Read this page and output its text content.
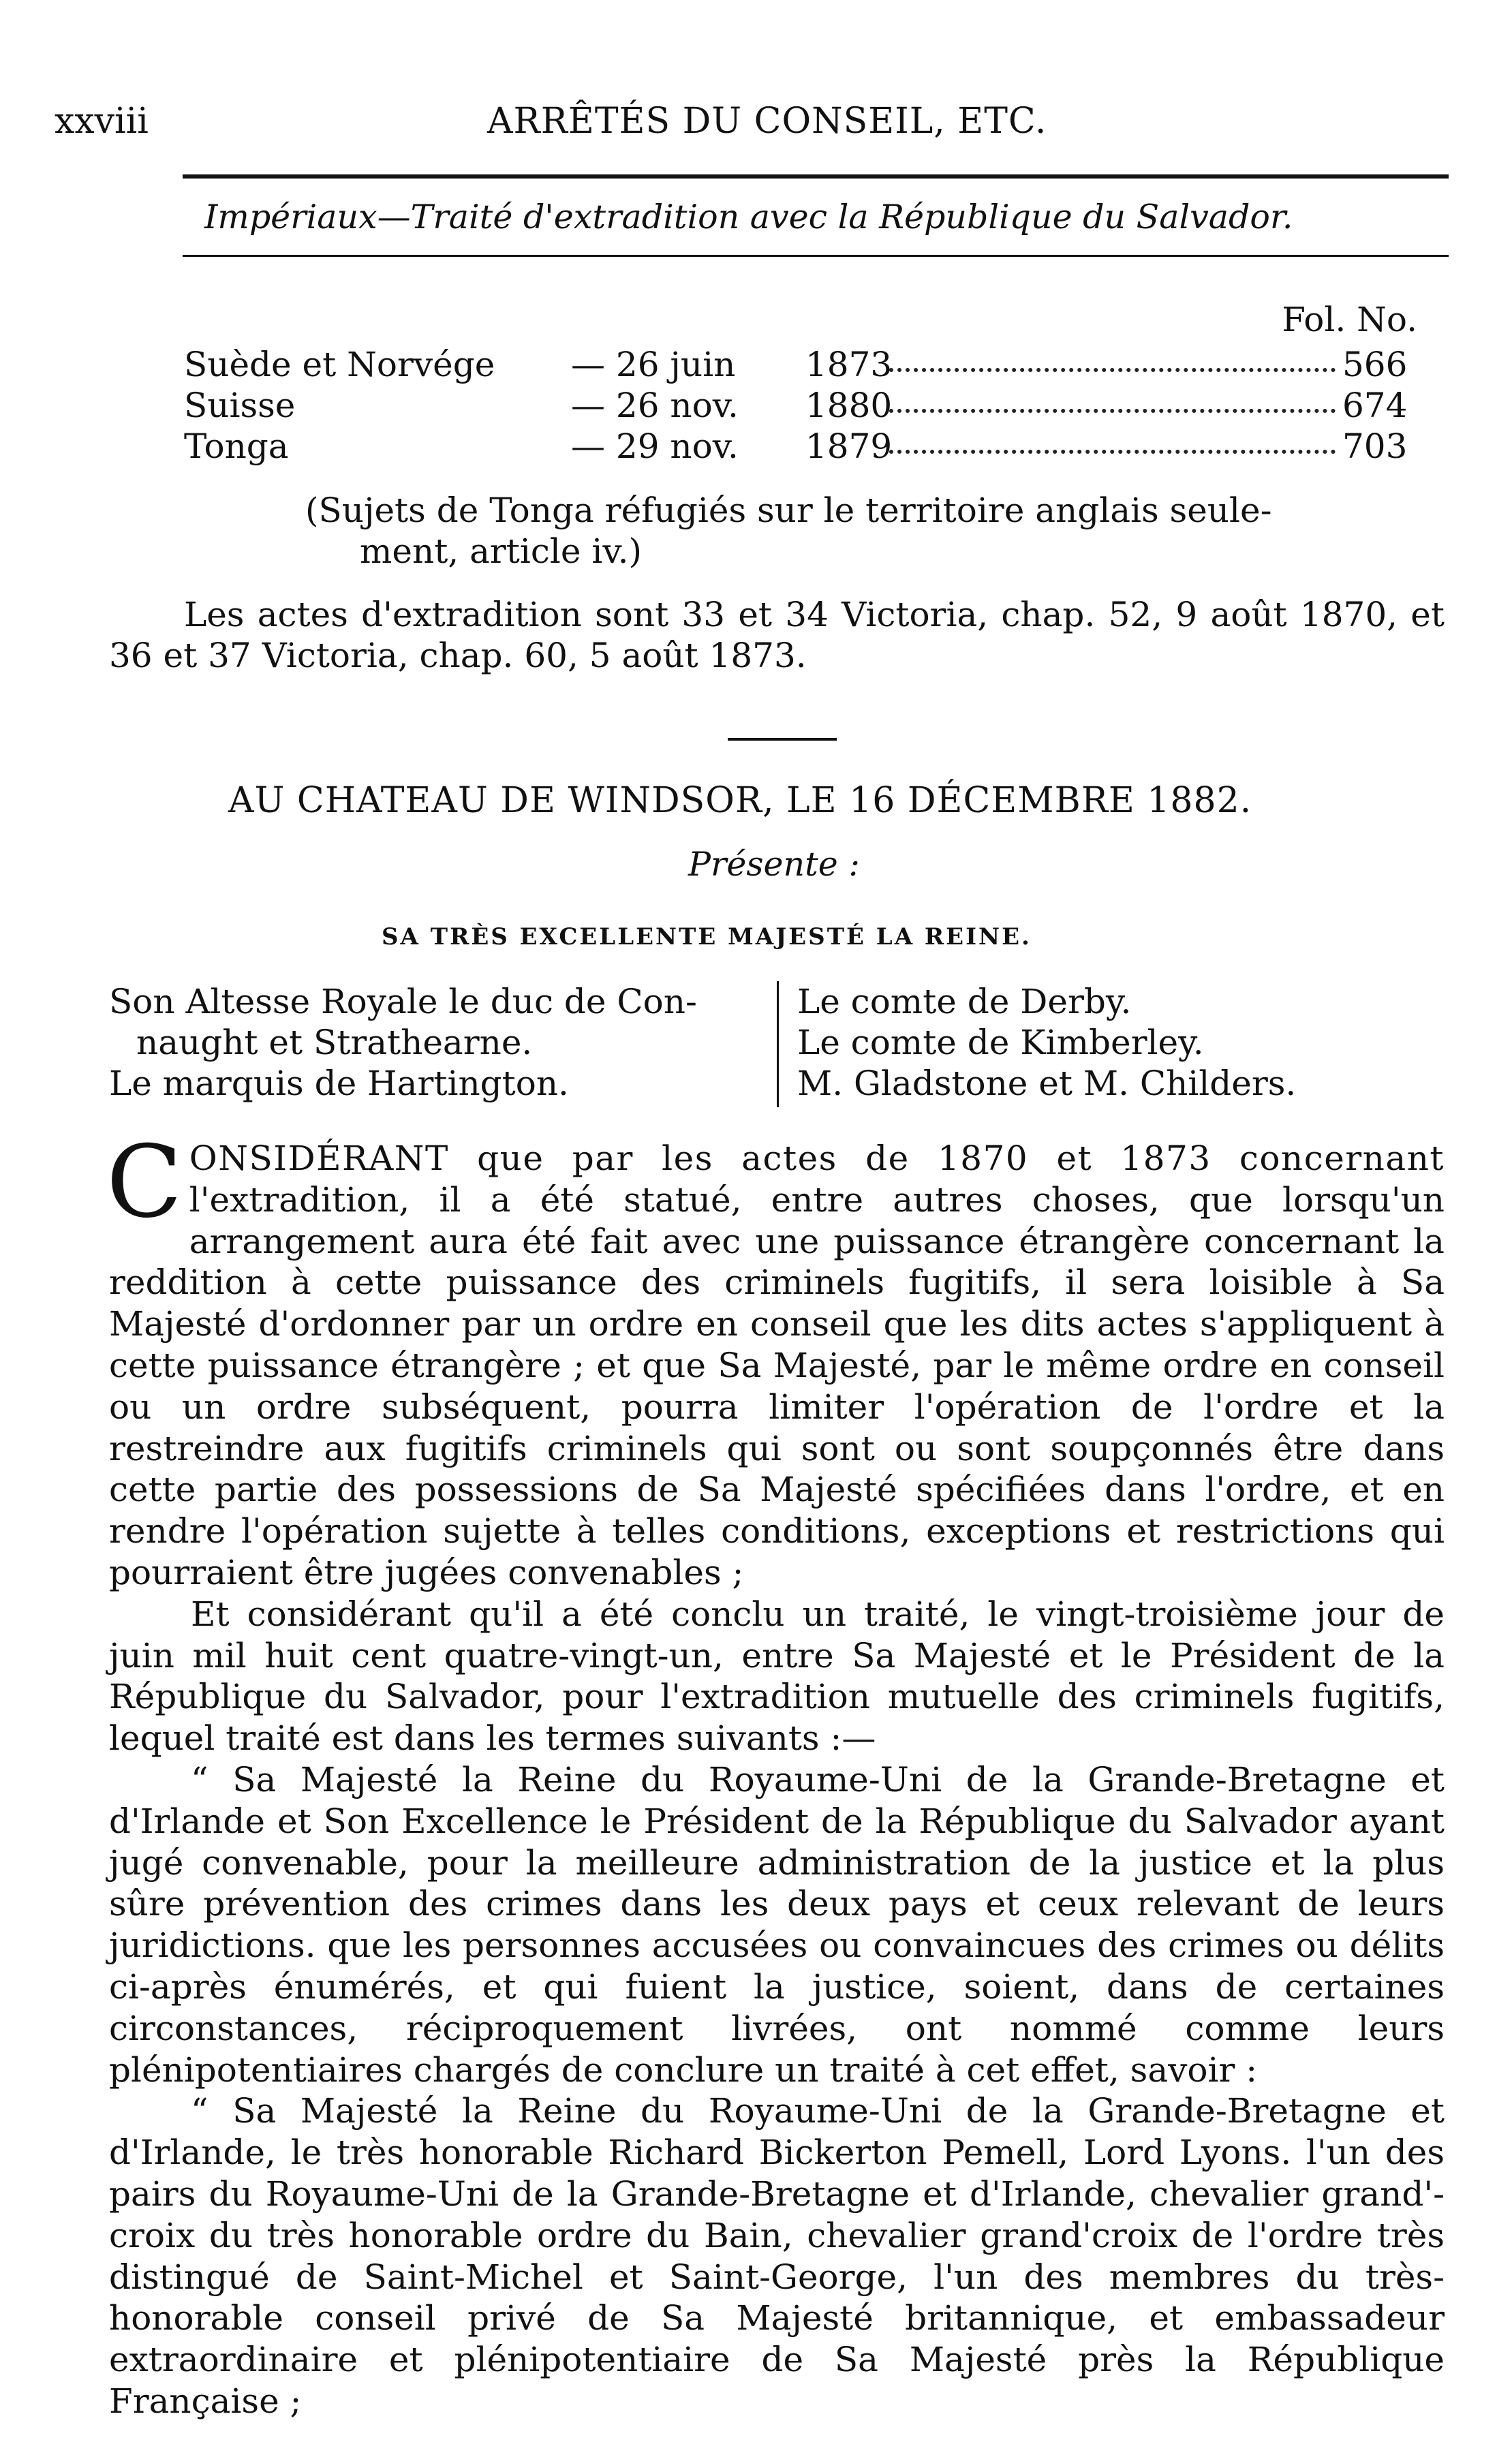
xxviii	ARRÊTÉS DU CONSEIL, ETC.
Impériaux—Traité d'extradition avec la République du Salvador.
Fol. No.
Suède et Norvége — 26 juin 1873	566
Suisse	— 26 nov. 1880	674
Tonga	— 29 nov. 1879	703
(Sujets de Tonga réfugiés sur le territoire anglais seule-
ment, article iv.)
Les actes d'extradition sont 33 et 34 Victoria, chap. 52, 9 août 1870, et 36 et 37 Victoria, chap. 60, 5 août 1873.
AU CHATEAU DE WINDSOR, LE 16 DÉCEMBRE 1882.
Présente :
SA TRÈS EXCELLENTE MAJESTÉ LA REINE.
Son Altesse Royale le duc de Con-
naught et Strathearne.
Le marquis de Hartington.
Le comte de Derby.
Le comte de Kimberley.
M. Gladstone et M. Childers.

CONSIDÉRANT que par les actes de 1870 et 1873 concernant l'extradition, il a été statué, entre autres choses, que lorsqu'un arrangement aura été fait avec une puissance étrangère concernant la reddition à cette puissance des criminels fugitifs, il sera loisible à Sa Majesté d'ordonner par un ordre en conseil que les dits actes s'appliquent à cette puissance étrangère ; et que Sa Majesté, par le même ordre en conseil ou un ordre subséquent, pourra limiter l'opération de l'ordre et la restreindre aux fugitifs criminels qui sont ou sont soupçonnés être dans cette partie des possessions de Sa Majesté spécifiées dans l'ordre, et en rendre l'opération sujette à telles conditions, exceptions et restrictions qui pourraient être jugées convenables ;

Et considérant qu'il a été conclu un traité, le vingt-troisième jour de juin mil huit cent quatre-vingt-un, entre Sa Majesté et le Président de la République du Salvador, pour l'extradition mutuelle des criminels fugitifs, lequel traité est dans les termes suivants :—

“ Sa Majesté la Reine du Royaume-Uni de la Grande-Bretagne et d'Irlande et Son Excellence le Président de la République du Salvador ayant jugé convenable, pour la meilleure administration de la justice et la plus sûre prévention des crimes dans les deux pays et ceux relevant de leurs juridictions. que les personnes accusées ou convaincues des crimes ou délits ci-après énumérés, et qui fuient la justice, soient, dans de certaines circonstances, réciproquement livrées, ont nommé comme leurs plénipotentiaires chargés de conclure un traité à cet effet, savoir :

“ Sa Majesté la Reine du Royaume-Uni de la Grande-Bretagne et d'Irlande, le très honorable Richard Bickerton Pemell, Lord Lyons. l'un des pairs du Royaume-Uni de la Grande-Bretagne et d'Irlande, chevalier grand'-croix du très honorable ordre du Bain, chevalier grand'croix de l'ordre très distingué de Saint-Michel et Saint-George, l'un des membres du très-honorable conseil privé de Sa Majesté britannique, et embassadeur extraordinaire et plénipotentiaire de Sa Majesté près la République Française ;
